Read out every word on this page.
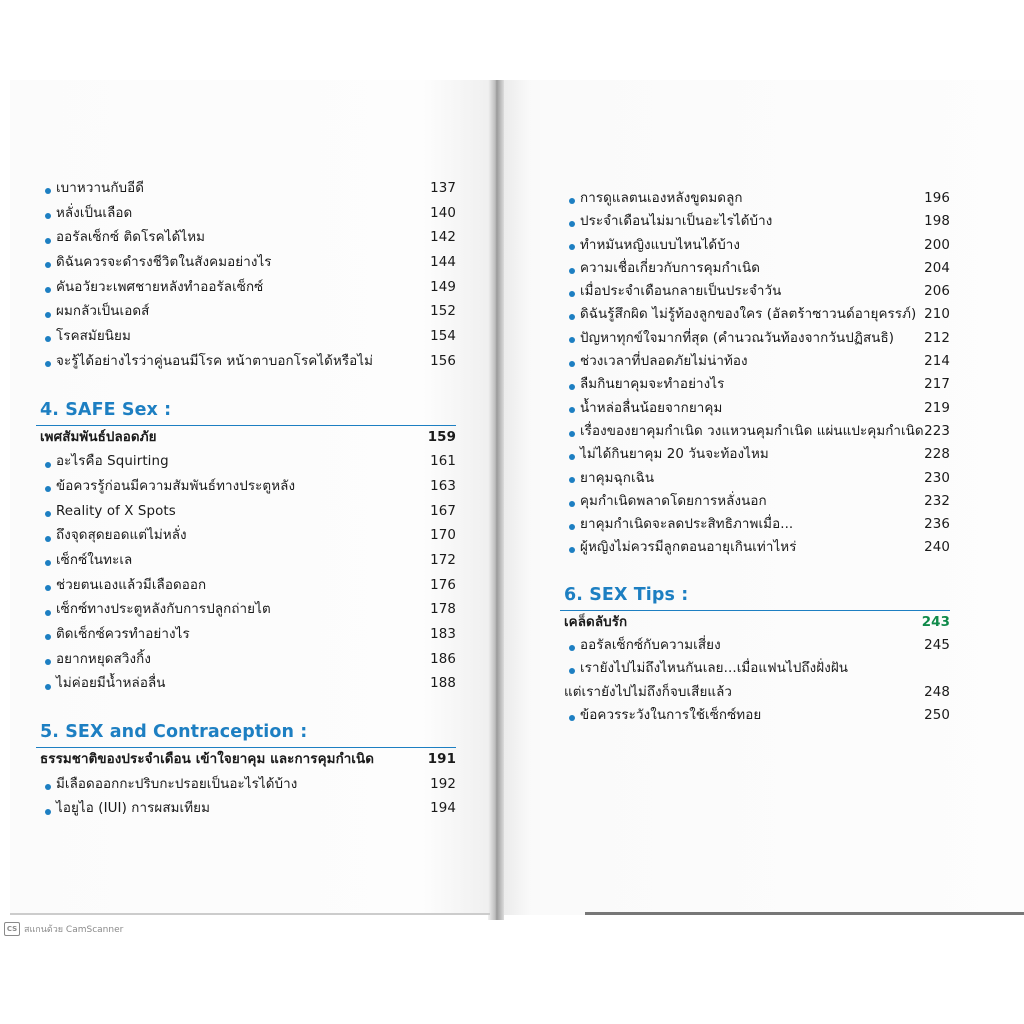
เบาหวานกับอีดี	137
หลั่งเป็นเลือด	140
ออรัลเซ็กซ์ ติดโรคได้ไหม	142
ดิฉันควรจะดำรงชีวิตในสังคมอย่างไร	144
คันอวัยวะเพศชายหลังทำออรัลเซ็กซ์	149
ผมกลัวเป็นเอดส์	152
โรคสมัยนิยม	154
จะรู้ได้อย่างไรว่าคู่นอนมีโรค หน้าตาบอกโรคได้หรือไม่	156
4. SAFE Sex :
เพศสัมพันธ์ปลอดภัย	159
อะไรคือ Squirting	161
ข้อควรรู้ก่อนมีความสัมพันธ์ทางประตูหลัง	163
Reality of X Spots	167
ถึงจุดสุดยอดแต่ไม่หลั่ง	170
เซ็กซ์ในทะเล	172
ช่วยตนเองแล้วมีเลือดออก	176
เซ็กซ์ทางประตูหลังกับการปลูกถ่ายไต	178
ติดเซ็กซ์ควรทำอย่างไร	183
อยากหยุดสวิงกิ้ง	186
ไม่ค่อยมีน้ำหล่อลื่น	188
5. SEX and Contraception :
ธรรมชาติของประจำเดือน เข้าใจยาคุม และการคุมกำเนิด	191
มีเลือดออกกะปริบกะปรอยเป็นอะไรได้บ้าง	192
ไอยูไอ (IUI) การผสมเทียม	194
การดูแลตนเองหลังขูดมดลูก	196
ประจำเดือนไม่มาเป็นอะไรได้บ้าง	198
ทำหมันหญิงแบบไหนได้บ้าง	200
ความเชื่อเกี่ยวกับการคุมกำเนิด	204
เมื่อประจำเดือนกลายเป็นประจำวัน	206
ดิฉันรู้สึกผิด ไม่รู้ท้องลูกของใคร (อัลตร้าซาวนด์อายุครรภ์) 210
ปัญหาทุกข์ใจมากที่สุด (คำนวณวันท้องจากวันปฏิสนธิ) 212
ช่วงเวลาที่ปลอดภัยไม่น่าท้อง	214
ลืมกินยาคุมจะทำอย่างไร	217
น้ำหล่อลื่นน้อยจากยาคุม	219
เรื่องของยาคุมกำเนิด วงแหวนคุมกำเนิด แผ่นแปะคุมกำเนิด 223
ไม่ได้กินยาคุม 20 วันจะท้องไหม	228
ยาคุมฉุกเฉิน	230
คุมกำเนิดพลาดโดยการหลั่งนอก	232
ยาคุมกำเนิดจะลดประสิทธิภาพเมื่อ...	236
ผู้หญิงไม่ควรมีลูกตอนอายุเกินเท่าไหร่	240
6. SEX Tips :
เคล็ดลับรัก	243
ออรัลเซ็กซ์กับความเสี่ยง	245
เรายังไปไม่ถึงไหนกันเลย...เมื่อแฟนไปถึงฝั่งฝัน
แต่เรายังไปไม่ถึงก็จบเสียแล้ว	248
ข้อควรระวังในการใช้เซ็กซ์ทอย	250
CS สแกนด้วย CamScanner
